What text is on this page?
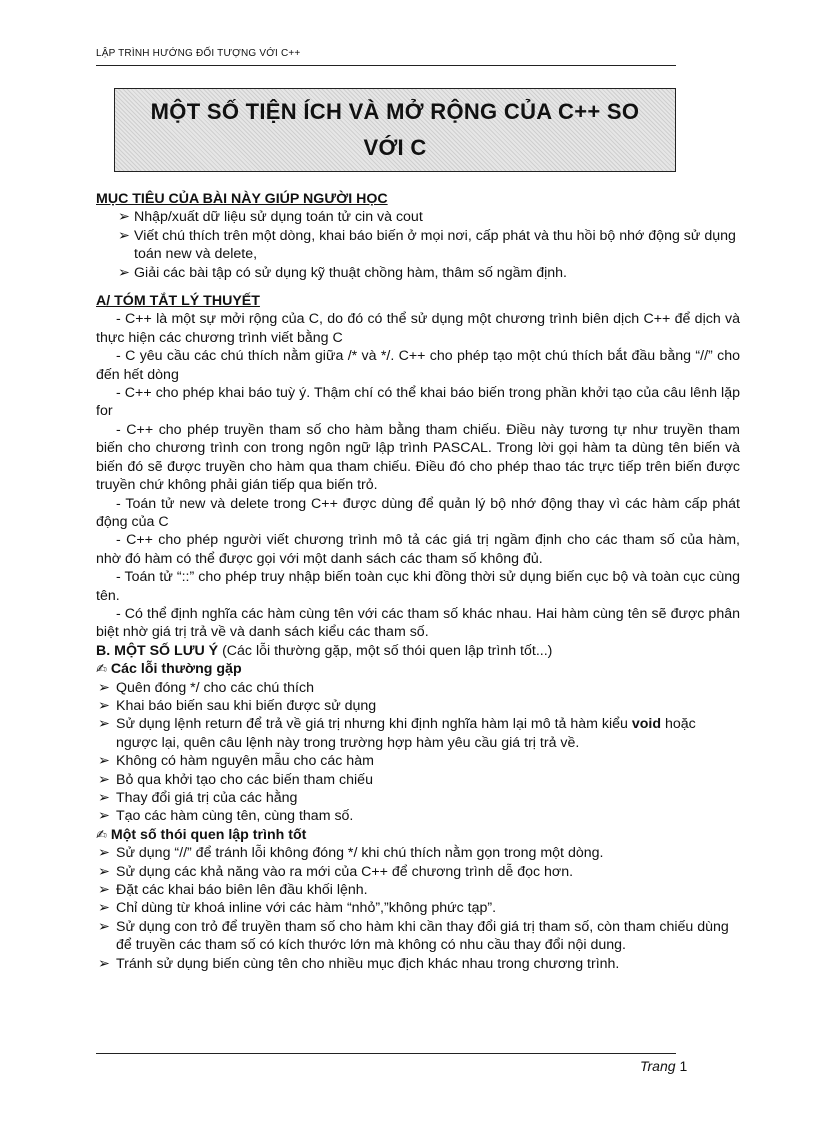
LẬP TRÌNH HƯỚNG ĐỐI TƯỢNG VỚI C++
MỘT SỐ TIỆN ÍCH VÀ MỞ RỘNG CỦA C++ SO
VỚI C
MỤC TIÊU CỦA BÀI NÀY GIÚP NGƯỜI HỌC
➢ Nhập/xuất dữ liệu sử dụng toán tử cin và cout
➢ Viết chú thích trên một dòng, khai báo biến ở mọi nơi, cấp phát và thu hồi bộ nhớ động sử dụng toán new và delete,
➢ Giải các bài tập có sử dụng kỹ thuật chồng hàm, thâm số ngầm định.
A/ TÓM TẮT LÝ THUYẾT
- C++ là một sự mởi rộng của C, do đó có thể sử dụng một chương trình biên dịch C++ để dịch và thực hiện các chương trình viết bằng C
- C yêu cầu các chú thích nằm giữa /* và */. C++ cho phép tạo một chú thích bắt đầu bằng “//” cho đến hết dòng
- C++ cho phép khai báo tuỳ ý. Thậm chí có thể khai báo biến trong phần khởi tạo của câu lênh lặp for
- C++ cho phép truyền tham số cho hàm bằng tham chiếu. Điều này tương tự như truyền tham biến cho chương trình con trong ngôn ngữ lập trình PASCAL. Trong lời gọi hàm ta dùng tên biến và biến đó sẽ được truyền cho hàm qua tham chiếu. Điều đó cho phép thao tác trực tiếp trên biến được truyền chứ không phải gián tiếp qua biến trỏ.
- Toán tử new và delete trong C++ được dùng để quản lý bộ nhớ động thay vì các hàm cấp phát động của C
- C++ cho phép người viết chương trình mô tả các giá trị ngầm định cho các tham số của hàm, nhờ đó hàm có thể được gọi với một danh sách các tham số không đủ.
- Toán tử “::” cho phép truy nhập biến toàn cục khi đồng thời sử dụng biến cục bộ và toàn cục cùng tên.
- Có thể định nghĩa các hàm cùng tên với các tham số khác nhau. Hai hàm cùng tên sẽ được phân biệt nhờ giá trị trả về và danh sách kiểu các tham số.
B. MỘT SỐ LƯU Ý (Các lỗi thường gặp, một số thói quen lập trình tốt...)
✍ Các lỗi thường gặp
➢ Quên đóng */ cho các chú thích
➢ Khai báo biến sau khi biến được sử dụng
➢ Sử dụng lệnh return để trả về giá trị nhưng khi định nghĩa hàm lại mô tả hàm kiểu void hoặc ngược lại, quên câu lệnh này trong trường hợp hàm yêu cầu giá trị trả về.
➢ Không có hàm nguyên mẫu cho các hàm
➢ Bỏ qua khởi tạo cho các biến tham chiếu
➢ Thay đổi giá trị của các hằng
➢ Tạo các hàm cùng tên, cùng tham số.
✍ Một số thói quen lập trình tốt
➢ Sử dụng “//” để tránh lỗi không đóng */ khi chú thích nằm gọn trong một dòng.
➢ Sử dụng các khả năng vào ra mới của C++ để chương trình dễ đọc hơn.
➢ Đặt các khai báo biên lên đầu khối lệnh.
➢ Chỉ dùng từ khoá inline với các hàm “nhỏ”,”không phức tạp”.
➢ Sử dụng con trỏ để truyền tham số cho hàm khi cần thay đổi giá trị tham số, còn tham chiếu dùng để truyền các tham số có kích thước lớn mà không có nhu cầu thay đổi nội dung.
➢ Tránh sử dụng biến cùng tên cho nhiều mục địch khác nhau trong chương trình.
Trang 1
